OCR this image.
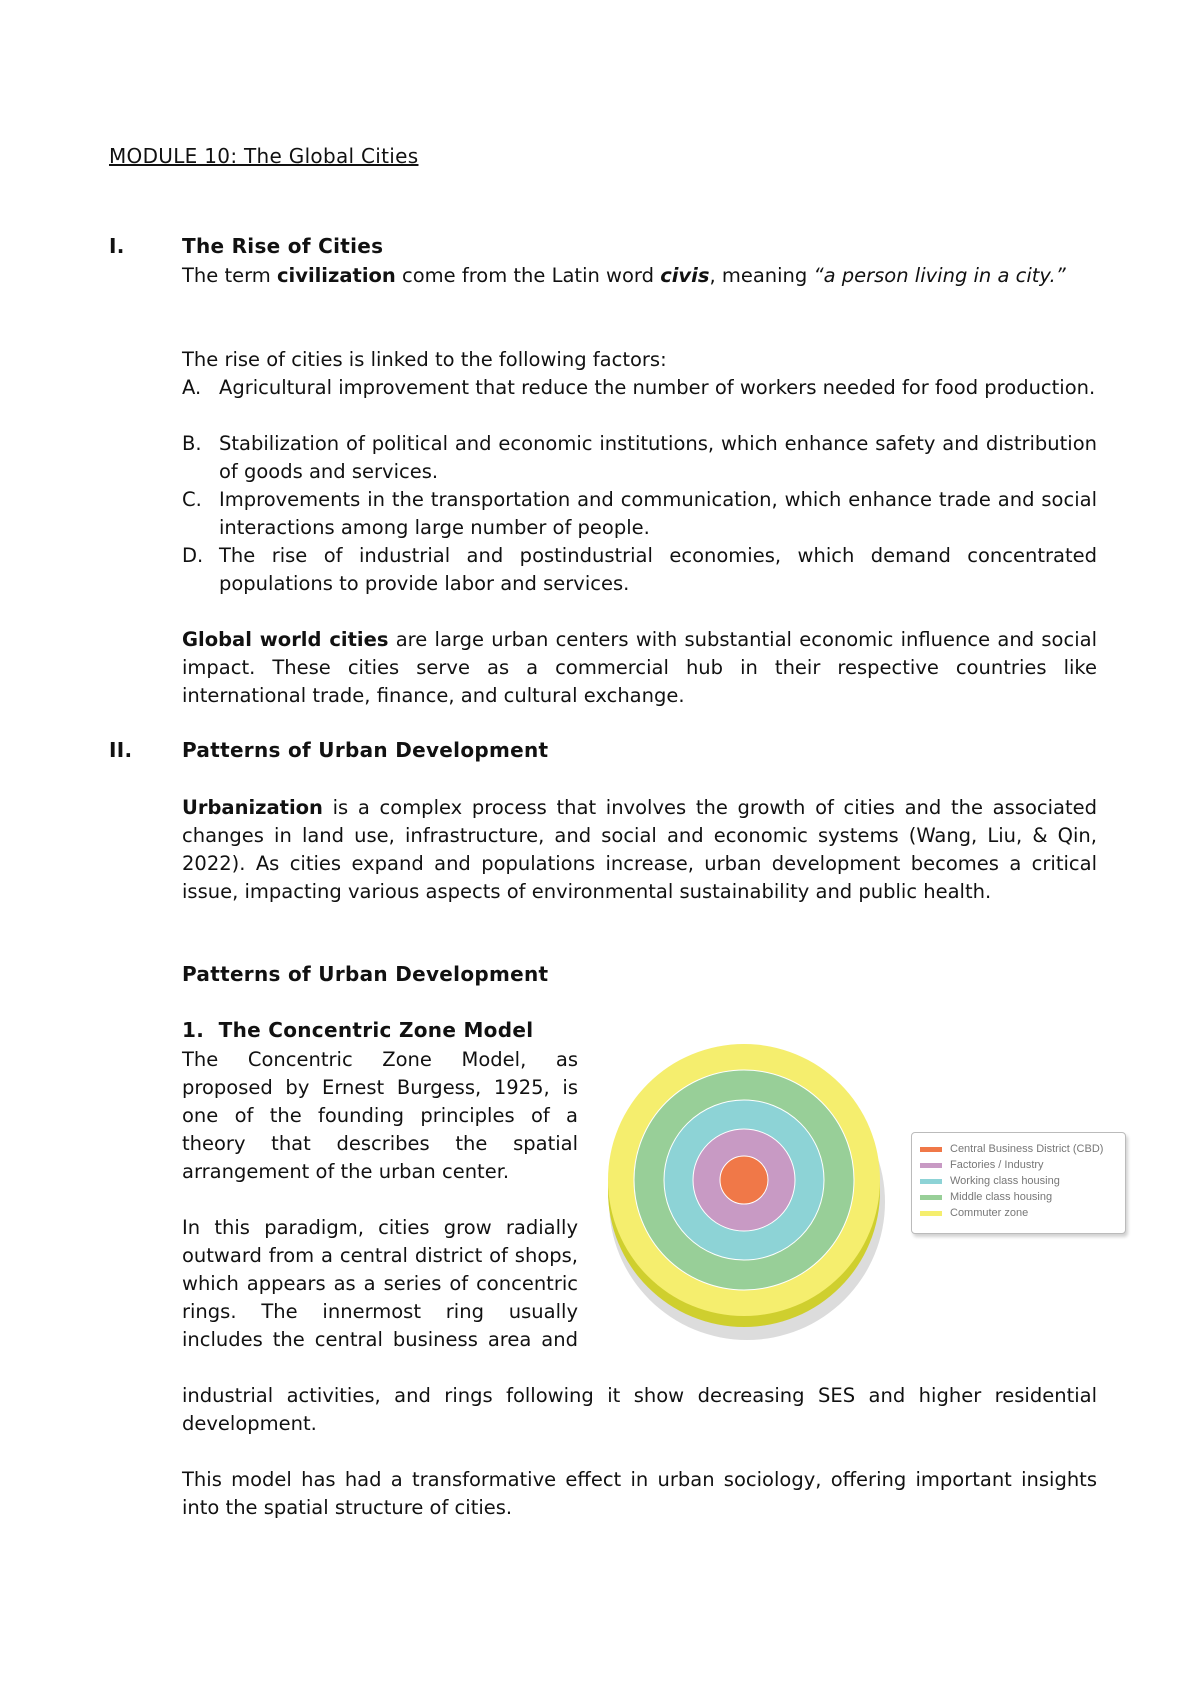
MODULE 10: The Global Cities
I.	The Rise of Cities
The term civilization come from the Latin word civis, meaning “a person living in a city.”
The rise of cities is linked to the following factors:
A. Agricultural improvement that reduce the number of workers needed for food production.
B. Stabilization of political and economic institutions, which enhance safety and distribution of goods and services.
C. Improvements in the transportation and communication, which enhance trade and social interactions among large number of people.
D. The rise of industrial and postindustrial economies, which demand concentrated populations to provide labor and services.
Global world cities are large urban centers with substantial economic influence and social impact. These cities serve as a commercial hub in their respective countries like international trade, finance, and cultural exchange.
II. Patterns of Urban Development
Urbanization is a complex process that involves the growth of cities and the associated changes in land use, infrastructure, and social and economic systems (Wang, Liu, & Qin, 2022). As cities expand and populations increase, urban development becomes a critical issue, impacting various aspects of environmental sustainability and public health.
Patterns of Urban Development
1.  The Concentric Zone Model
The Concentric Zone Model, as proposed by Ernest Burgess, 1925, is one of the founding principles of a theory that describes the spatial arrangement of the urban center.
In this paradigm, cities grow radially outward from a central district of shops, which appears as a series of concentric rings. The innermost ring usually includes the central business area and
industrial activities, and rings following it show decreasing SES and higher residential development.
This model has had a transformative effect in urban sociology, offering important insights into the spatial structure of cities.
Central Business District (CBD)
Factories / Industry
Working class housing
Middle class housing
Commuter zone
